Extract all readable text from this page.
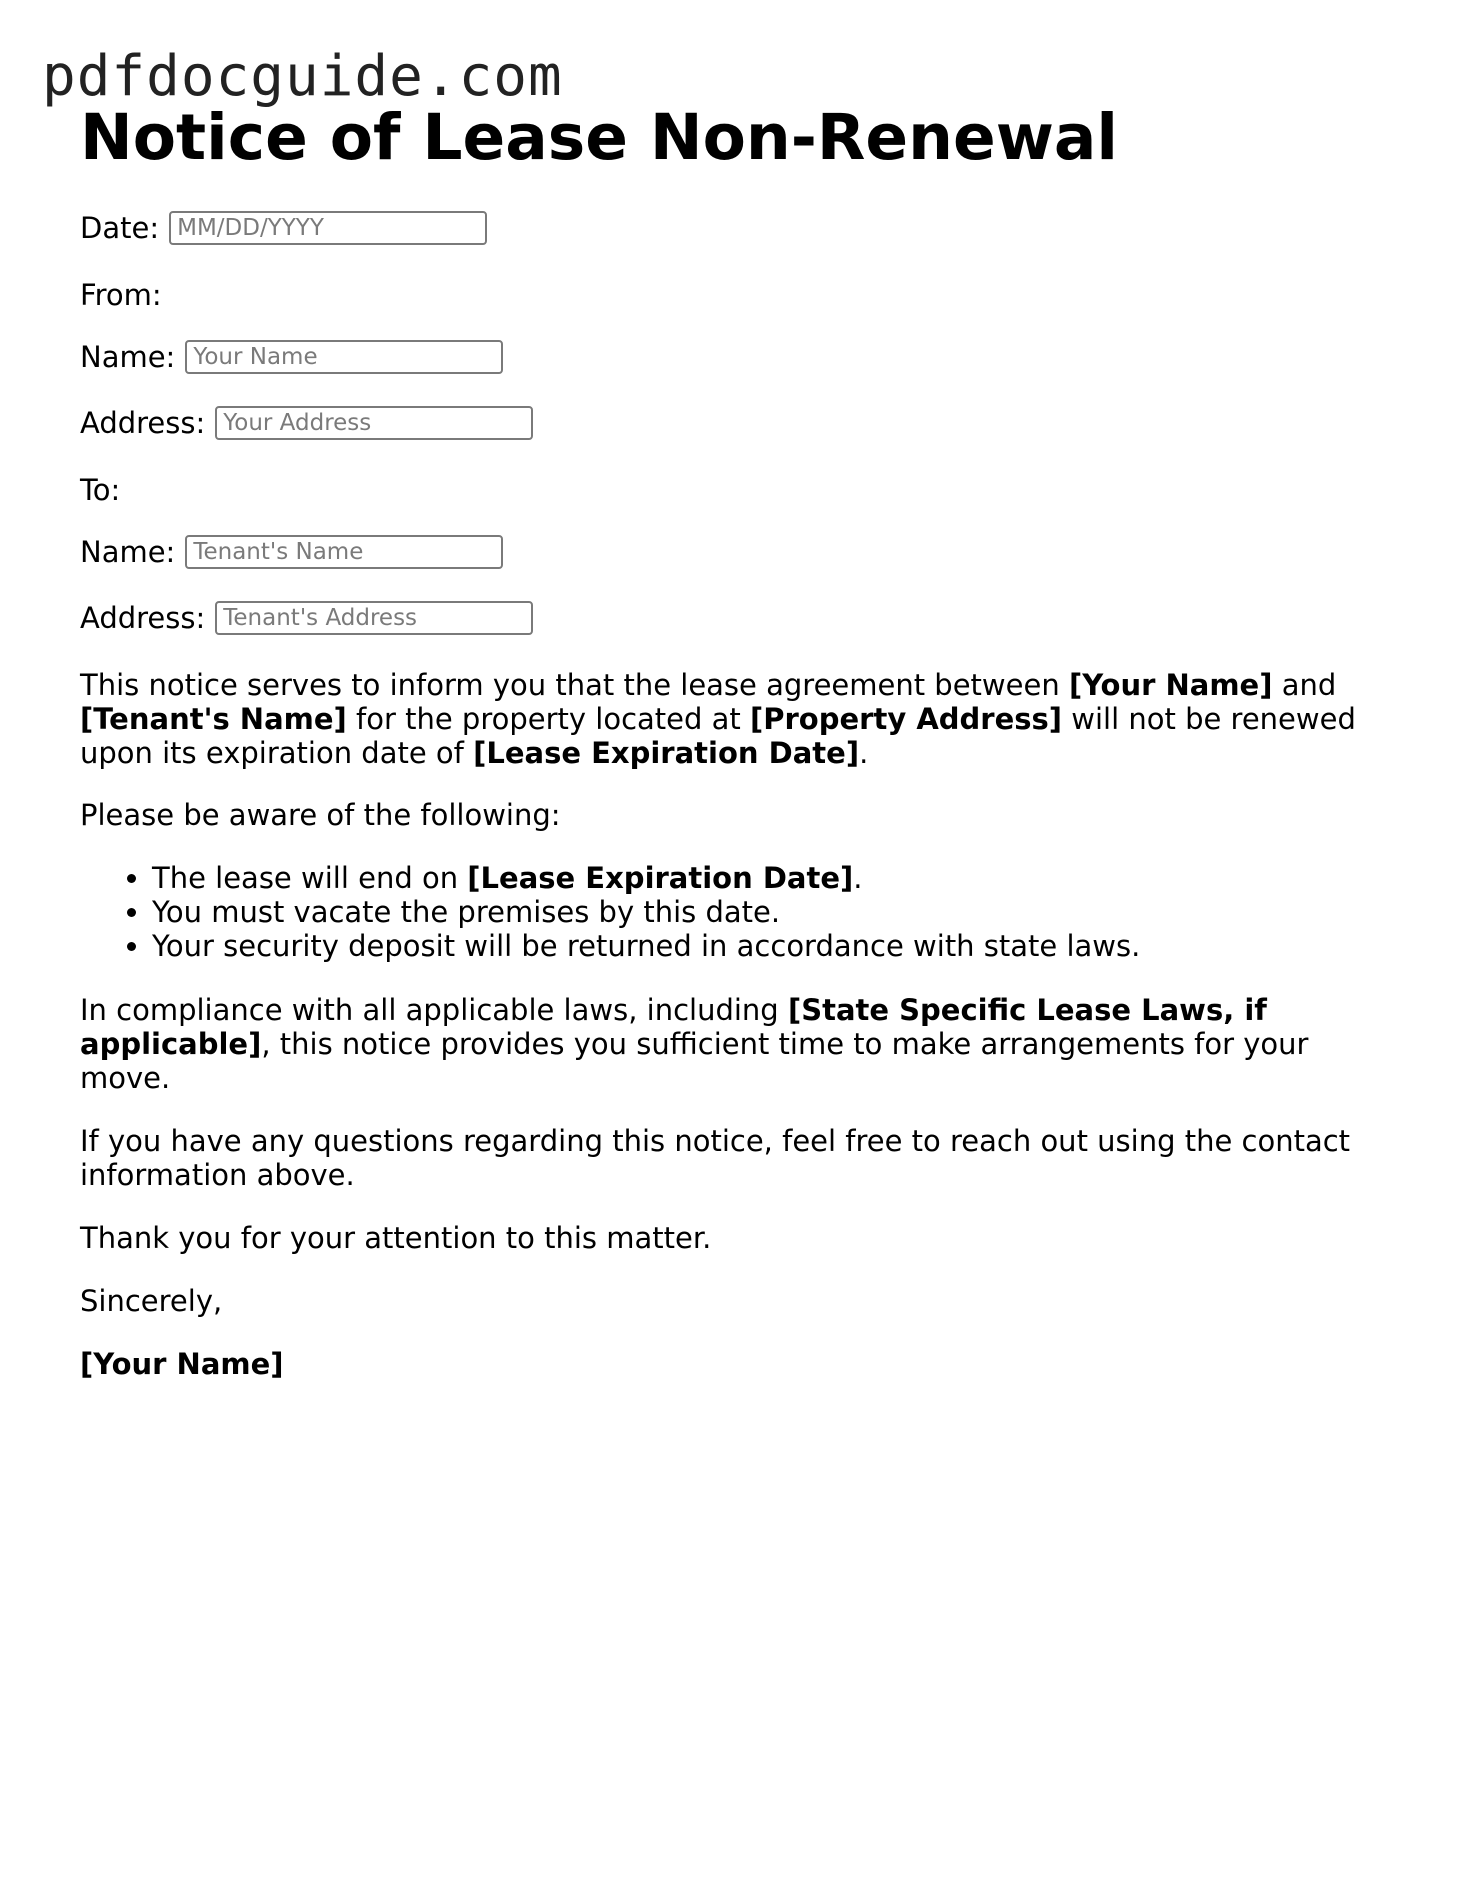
pdfdocguide.com
Notice of Lease Non-Renewal
Date:
MM/DD/YYYY
From:
Name:
Your Name
Address:
Your Address
To:
Name:
Tenant's Name
Address:
Tenant's Address

This notice serves to inform you that the lease agreement between [Your Name] and [Tenant's Name] for the property located at [Property Address] will not be renewed upon its expiration date of [Lease Expiration Date].

Please be aware of the following:

• The lease will end on [Lease Expiration Date].
• You must vacate the premises by this date.
• Your security deposit will be returned in accordance with state laws.

In compliance with all applicable laws, including [State Specific Lease Laws, if applicable], this notice provides you sufficient time to make arrangements for your move.

If you have any questions regarding this notice, feel free to reach out using the contact information above.

Thank you for your attention to this matter.

Sincerely,

[Your Name]
